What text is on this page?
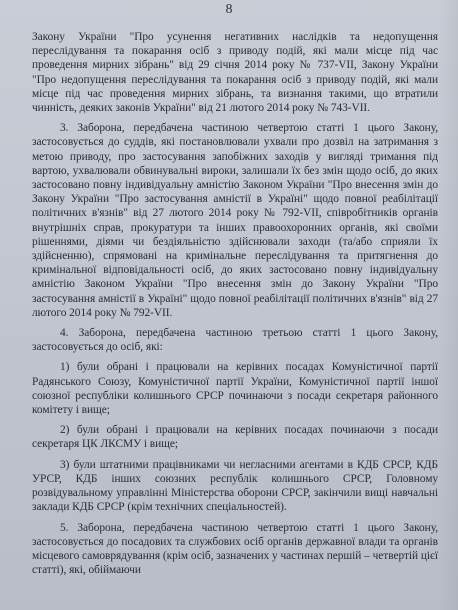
8

Закону України "Про усунення негативних наслідків та недопущення переслідування та покарання осіб з приводу подій, які мали місце під час проведення мирних зібрань" від 29 січня 2014 року № 737-VII, Закону України "Про недопущення переслідування та покарання осіб з приводу подій, які мали місце під час проведення мирних зібрань, та визнання такими, що втратили чинність, деяких законів України" від 21 лютого 2014 року № 743-VII.

3. Заборона, передбачена частиною четвертою статті 1 цього Закону, застосовується до суддів, які постановлювали ухвали про дозвіл на затримання з метою приводу, про застосування запобіжних заходів у вигляді тримання під вартою, ухвалювали обвинувальні вироки, залишали їх без змін щодо осіб, до яких застосовано повну індивідуальну амністію Законом України "Про внесення змін до Закону України "Про застосування амністії в Україні" щодо повної реабілітації політичних в'язнів" від 27 лютого 2014 року № 792-VII, співробітників органів внутрішніх справ, прокуратури та інших правоохоронних органів, які своїми рішеннями, діями чи бездіяльністю здійснювали заходи (та/або сприяли їх здійсненню), спрямовані на кримінальне переслідування та притягнення до кримінальної відповідальності осіб, до яких застосовано повну індивідуальну амністію Законом України "Про внесення змін до Закону України "Про застосування амністії в Україні" щодо повної реабілітації політичних в'язнів" від 27 лютого 2014 року № 792-VII.

4. Заборона, передбачена частиною третьою статті 1 цього Закону, застосовується до осіб, які:

1) були обрані і працювали на керівних посадах Комуністичної партії Радянського Союзу, Комуністичної партії України, Комуністичної партії іншої союзної республіки колишнього СРСР починаючи з посади секретаря районного комітету і вище;

2) були обрані і працювали на керівних посадах починаючи з посади секретаря ЦК ЛКСМУ і вище;

3) були штатними працівниками чи негласними агентами в КДБ СРСР, КДБ УРСР, КДБ інших союзних республік колишнього СРСР, Головному розвідувальному управлінні Міністерства оборони СРСР, закінчили вищі навчальні заклади КДБ СРСР (крім технічних спеціальностей).

5. Заборона, передбачена частиною четвертою статті 1 цього Закону, застосовується до посадових та службових осіб органів державної влади та органів місцевого самоврядування (крім осіб, зазначених у частинах першій – четвертій цієї статті), які, обіймаючи
